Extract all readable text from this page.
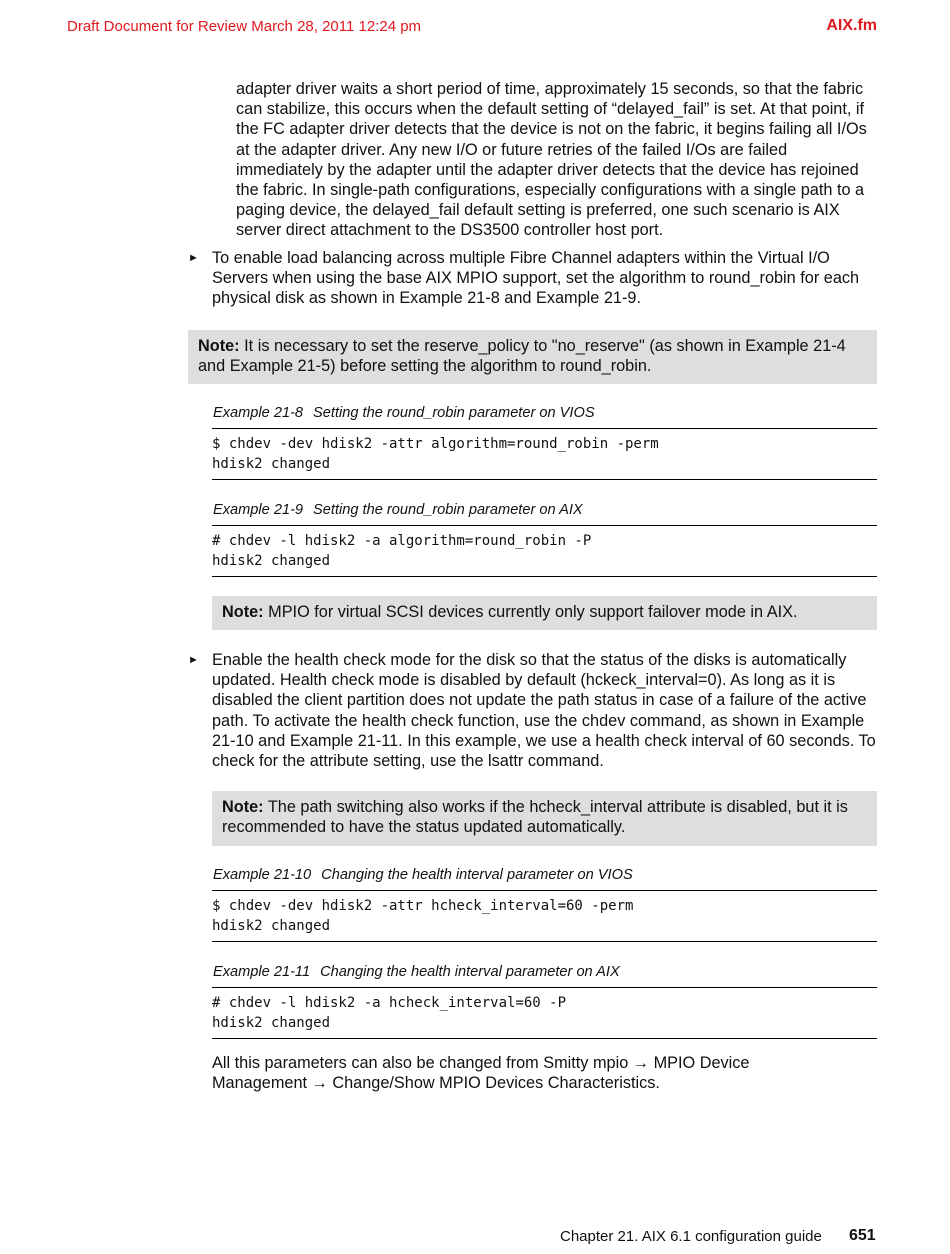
Draft Document for Review March 28, 2011 12:24 pm	AIX.fm

adapter driver waits a short period of time, approximately 15 seconds, so that the fabric can stabilize, this occurs when the default setting of “delayed_fail” is set. At that point, if the FC adapter driver detects that the device is not on the fabric, it begins failing all I/Os at the adapter driver. Any new I/O or future retries of the failed I/Os are failed immediately by the adapter until the adapter driver detects that the device has rejoined the fabric. In single-path configurations, especially configurations with a single path to a paging device, the delayed_fail default setting is preferred, one such scenario is AIX server direct attachment to the DS3500 controller host port.

► To enable load balancing across multiple Fibre Channel adapters within the Virtual I/O Servers when using the base AIX MPIO support, set the algorithm to round_robin for each physical disk as shown in Example 21-8 and Example 21-9.

Note: It is necessary to set the reserve_policy to "no_reserve" (as shown in Example 21-4 and Example 21-5) before setting the algorithm to round_robin.
Example 21-8 Setting the round_robin parameter on VIOS
$ chdev -dev hdisk2 -attr algorithm=round_robin -perm
hdisk2 changed
Example 21-9 Setting the round_robin parameter on AIX
# chdev -l hdisk2 -a algorithm=round_robin -P
hdisk2 changed
Note: MPIO for virtual SCSI devices currently only support failover mode in AIX.
► Enable the health check mode for the disk so that the status of the disks is automatically updated. Health check mode is disabled by default (hckeck_interval=0). As long as it is disabled the client partition does not update the path status in case of a failure of the active path. To activate the health check function, use the chdev command, as shown in Example 21-10 and Example 21-11. In this example, we use a health check interval of 60 seconds. To check for the attribute setting, use the lsattr command.

Note: The path switching also works if the hcheck_interval attribute is disabled, but it is recommended to have the status updated automatically.
Example 21-10 Changing the health interval parameter on VIOS
$ chdev -dev hdisk2 -attr hcheck_interval=60 -perm
hdisk2 changed
Example 21-11 Changing the health interval parameter on AIX
# chdev -l hdisk2 -a hcheck_interval=60 -P
hdisk2 changed

All this parameters can also be changed from Smitty mpio → MPIO Device Management → Change/Show MPIO Devices Characteristics.

Chapter 21. AIX 6.1 configuration guide 651
